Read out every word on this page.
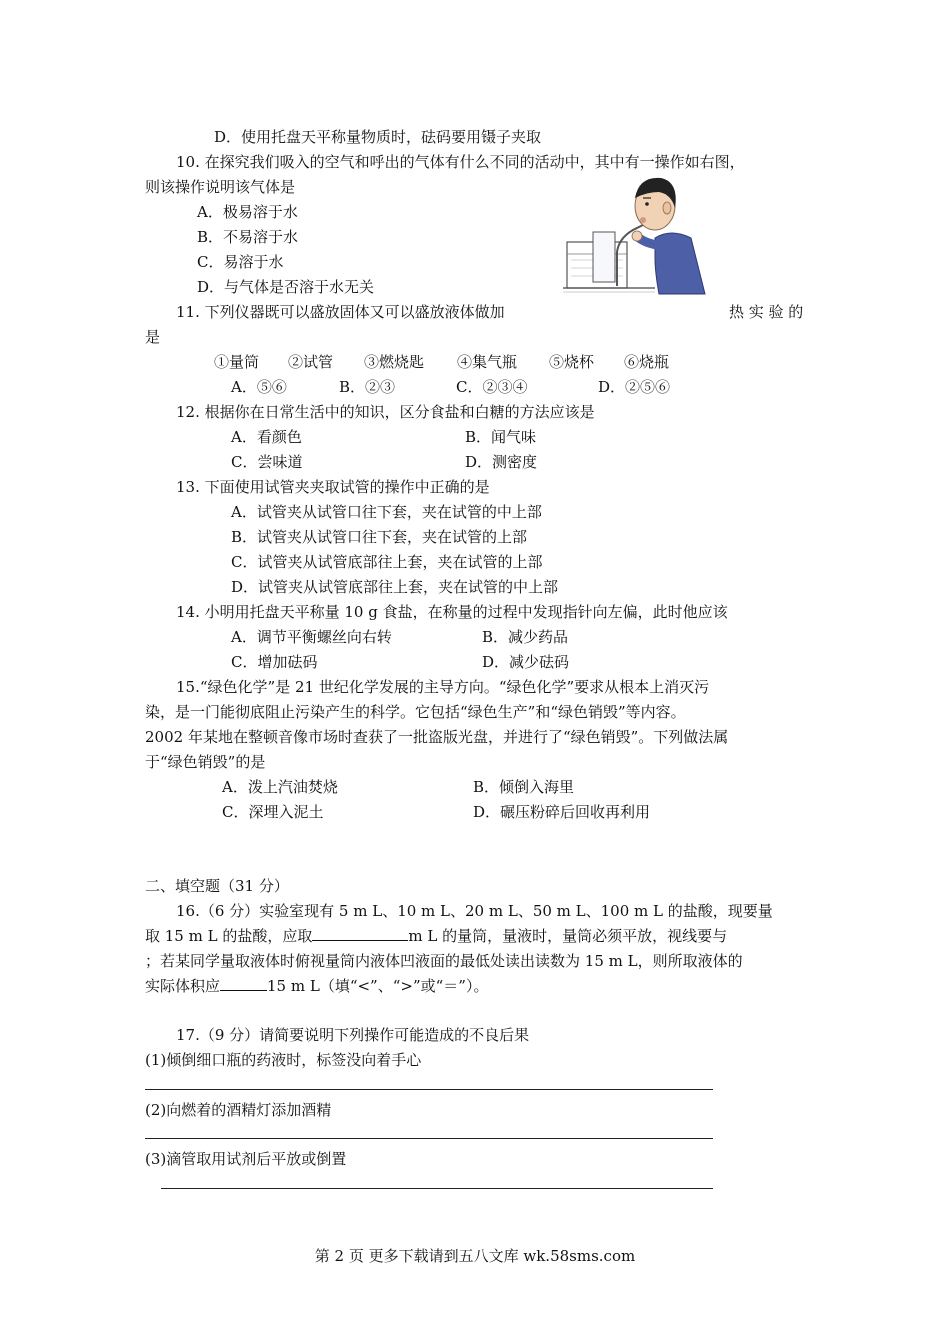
D．使用托盘天平称量物质时，砝码要用镊子夹取
10. 在探究我们吸入的空气和呼出的气体有什么不同的活动中，其中有一操作如右图，
则该操作说明该气体是
A．极易溶于水
B．不易溶于水
C．易溶于水
D．与气体是否溶于水无关
11. 下列仪器既可以盛放固体又可以盛放液体做加	热 实 验 的
是
①量筒 ②试管 ③燃烧匙 ④集气瓶 ⑤烧杯 ⑥烧瓶
A．⑤⑥	B．②③	C．②③④	D．②⑤⑥
12. 根据你在日常生活中的知识，区分食盐和白糖的方法应该是
A．看颜色	B．闻气味
C．尝味道	D．测密度
13. 下面使用试管夹夹取试管的操作中正确的是
A．试管夹从试管口往下套，夹在试管的中上部
B．试管夹从试管口往下套，夹在试管的上部
C．试管夹从试管底部往上套，夹在试管的上部
D．试管夹从试管底部往上套，夹在试管的中上部
14. 小明用托盘天平称量 10 g 食盐，在称量的过程中发现指针向左偏，此时他应该
A．调节平衡螺丝向右转	B．减少药品
C．增加砝码	D．减少砝码
15.“绿色化学”是 21 世纪化学发展的主导方向。“绿色化学”要求从根本上消灭污
染，是一门能彻底阻止污染产生的科学。它包括“绿色生产”和“绿色销毁”等内容。
2002 年某地在整顿音像市场时查获了一批盗版光盘，并进行了“绿色销毁”。下列做法属
于“绿色销毁”的是
A．泼上汽油焚烧	B．倾倒入海里
C．深埋入泥土	D．碾压粉碎后回收再利用
二、填空题（31 分）
16.（6 分）实验室现有 5 m L、10 m L、20 m L、50 m L、100 m L 的盐酸，现要量
取 15 m L 的盐酸，应取	m L 的量筒，量液时，量筒必须平放，视线要与
；若某同学量取液体时俯视量筒内液体凹液面的最低处读出读数为 15 m L，则所取液体的
实际体积应	15 m L（填“<”、“>”或“＝”）。
17.（9 分）请简要说明下列操作可能造成的不良后果
(1)倾倒细口瓶的药液时，标签没向着手心
(2)向燃着的酒精灯添加酒精
(3)滴管取用试剂后平放或倒置
第 2 页 更多下载请到五八文库 wk.58sms.com
